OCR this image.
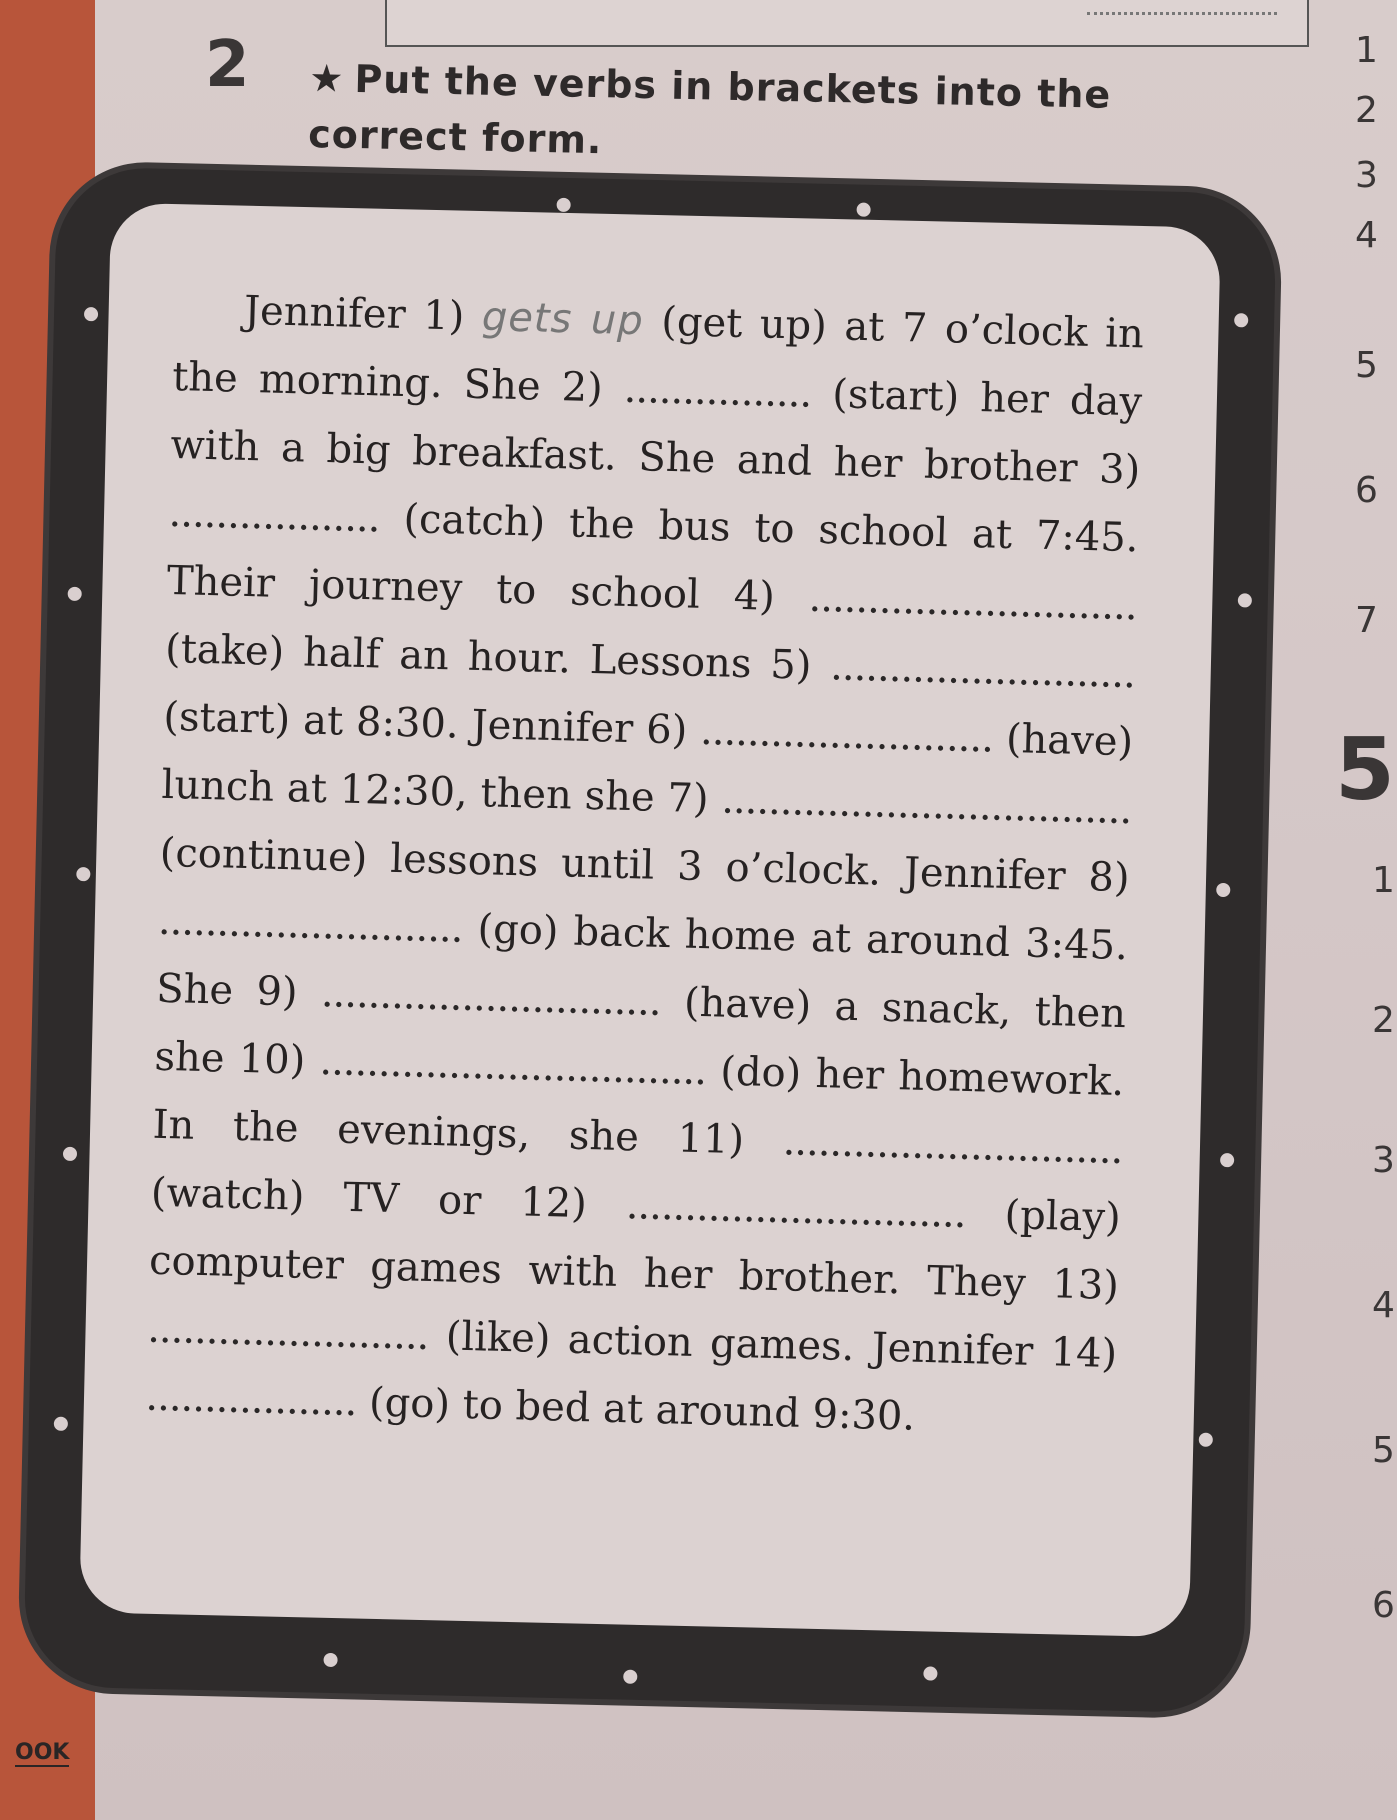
2 ★ Put the verbs in brackets into the correct form.
Jennifer 1) gets up (get up) at 7 o’clock in the morning. She 2) ................ (start) her day with a big breakfast. She and her brother 3) .................. (catch) the bus to school at 7:45. Their journey to school 4) ............................ (take) half an hour. Lessons 5) .......................... (start) at 8:30. Jennifer 6) ......................... (have) lunch at 12:30, then she 7) ................................... (continue) lessons until 3 o’clock. Jennifer 8) .......................... (go) back home at around 3:45. She 9) ............................. (have) a snack, then she 10) ................................. (do) her homework. In the evenings, she 11) ............................. (watch) TV or 12) ............................. (play) computer games with her brother. They 13) ........................ (like) action games. Jennifer 14) .................. (go) to bed at around 9:30.
1
2
3
4
5
6
7
5
1
2
3
4
5
6
OOK
